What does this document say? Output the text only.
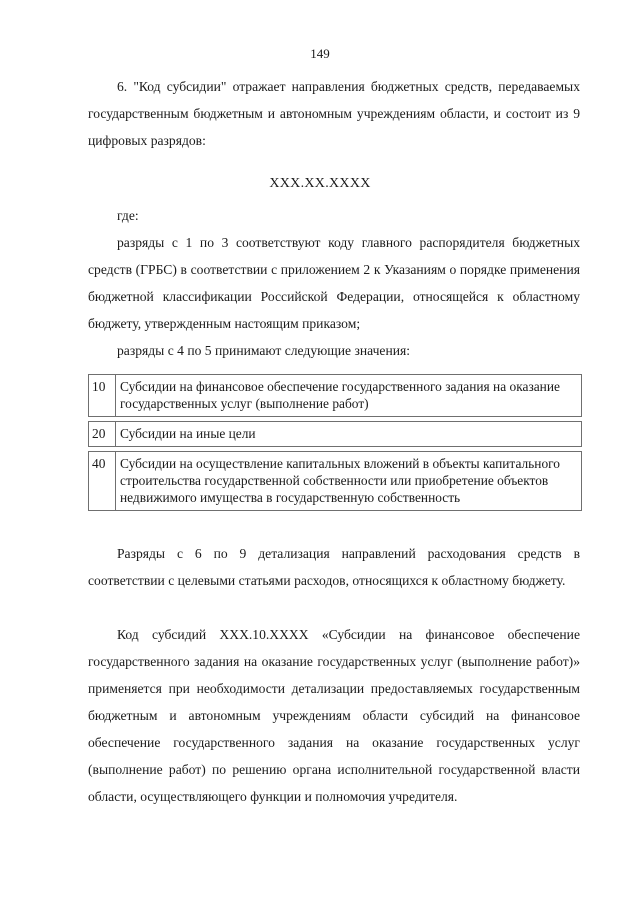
149

6. "Код субсидии" отражает направления бюджетных средств, передаваемых государственным бюджетным и автономным учреждениям области, и состоит из 9 цифровых разрядов:

ХХХ.ХХ.ХХХХ
где:

разряды с 1 по 3 соответствуют коду главного распорядителя бюджетных средств (ГРБС) в соответствии с приложением 2 к Указаниям о порядке применения бюджетной классификации Российской Федерации, относящейся к областному бюджету, утвержденным настоящим приказом;

разряды с 4 по 5 принимают следующие значения:

10	Субсидии на финансовое обеспечение государственного задания на оказание государственных услуг (выполнение работ)

20	Субсидии на иные цели

40	Субсидии на осуществление капитальных вложений в объекты капитального строительства государственной собственности или приобретение объектов недвижимого имущества в государственную собственность

Разряды с 6 по 9 детализация направлений расходования средств в соответствии с целевыми статьями расходов, относящихся к областному бюджету.

Код субсидий ХХХ.10.ХХХХ «Субсидии на финансовое обеспечение государственного задания на оказание государственных услуг (выполнение работ)» применяется при необходимости детализации предоставляемых государственным бюджетным и автономным учреждениям области субсидий на финансовое обеспечение государственного задания на оказание государственных услуг (выполнение работ) по решению органа исполнительной государственной власти области, осуществляющего функции и полномочия учредителя.
